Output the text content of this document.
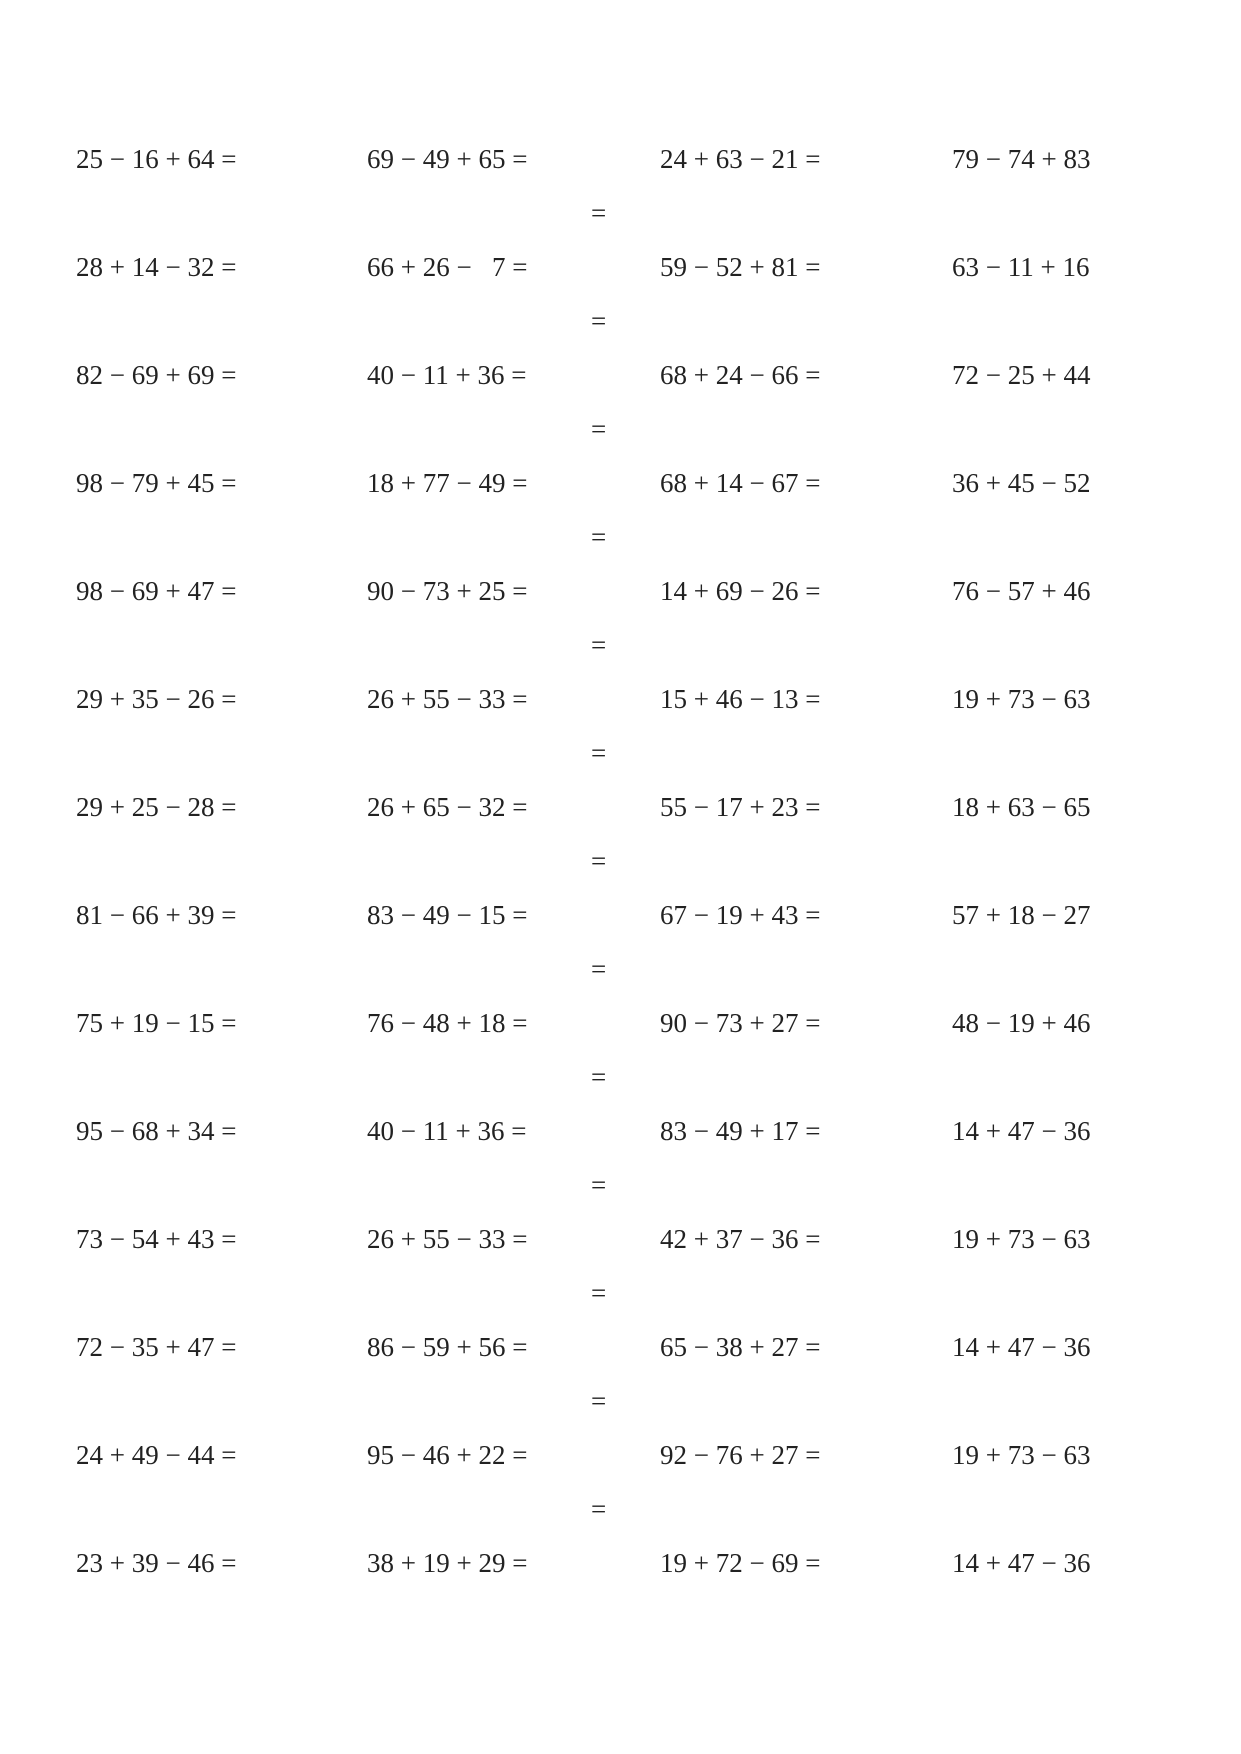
25 − 16 + 64 =	69 − 49 + 65 =	24 + 63 − 21 =	79 − 74 + 83
=
28 + 14 − 32 =	66 + 26 −   7 =	59 − 52 + 81 =	63 − 11 + 16
=
82 − 69 + 69 =	40 − 11 + 36 =	68 + 24 − 66 =	72 − 25 + 44
=
98 − 79 + 45 =	18 + 77 − 49 =	68 + 14 − 67 =	36 + 45 − 52
=
98 − 69 + 47 =	90 − 73 + 25 =	14 + 69 − 26 =	76 − 57 + 46
=
29 + 35 − 26 =	26 + 55 − 33 =	15 + 46 − 13 =	19 + 73 − 63
=
29 + 25 − 28 =	26 + 65 − 32 =	55 − 17 + 23 =	18 + 63 − 65
=
81 − 66 + 39 =	83 − 49 − 15 =	67 − 19 + 43 =	57 + 18 − 27
=
75 + 19 − 15 =	76 − 48 + 18 =	90 − 73 + 27 =	48 − 19 + 46
=
95 − 68 + 34 =	40 − 11 + 36 =	83 − 49 + 17 =	14 + 47 − 36
=
73 − 54 + 43 =	26 + 55 − 33 =	42 + 37 − 36 =	19 + 73 − 63
=
72 − 35 + 47 =	86 − 59 + 56 =	65 − 38 + 27 =	14 + 47 − 36
=
24 + 49 − 44 =	95 − 46 + 22 =	92 − 76 + 27 =	19 + 73 − 63
=
23 + 39 − 46 =	38 + 19 + 29 =	19 + 72 − 69 =	14 + 47 − 36
